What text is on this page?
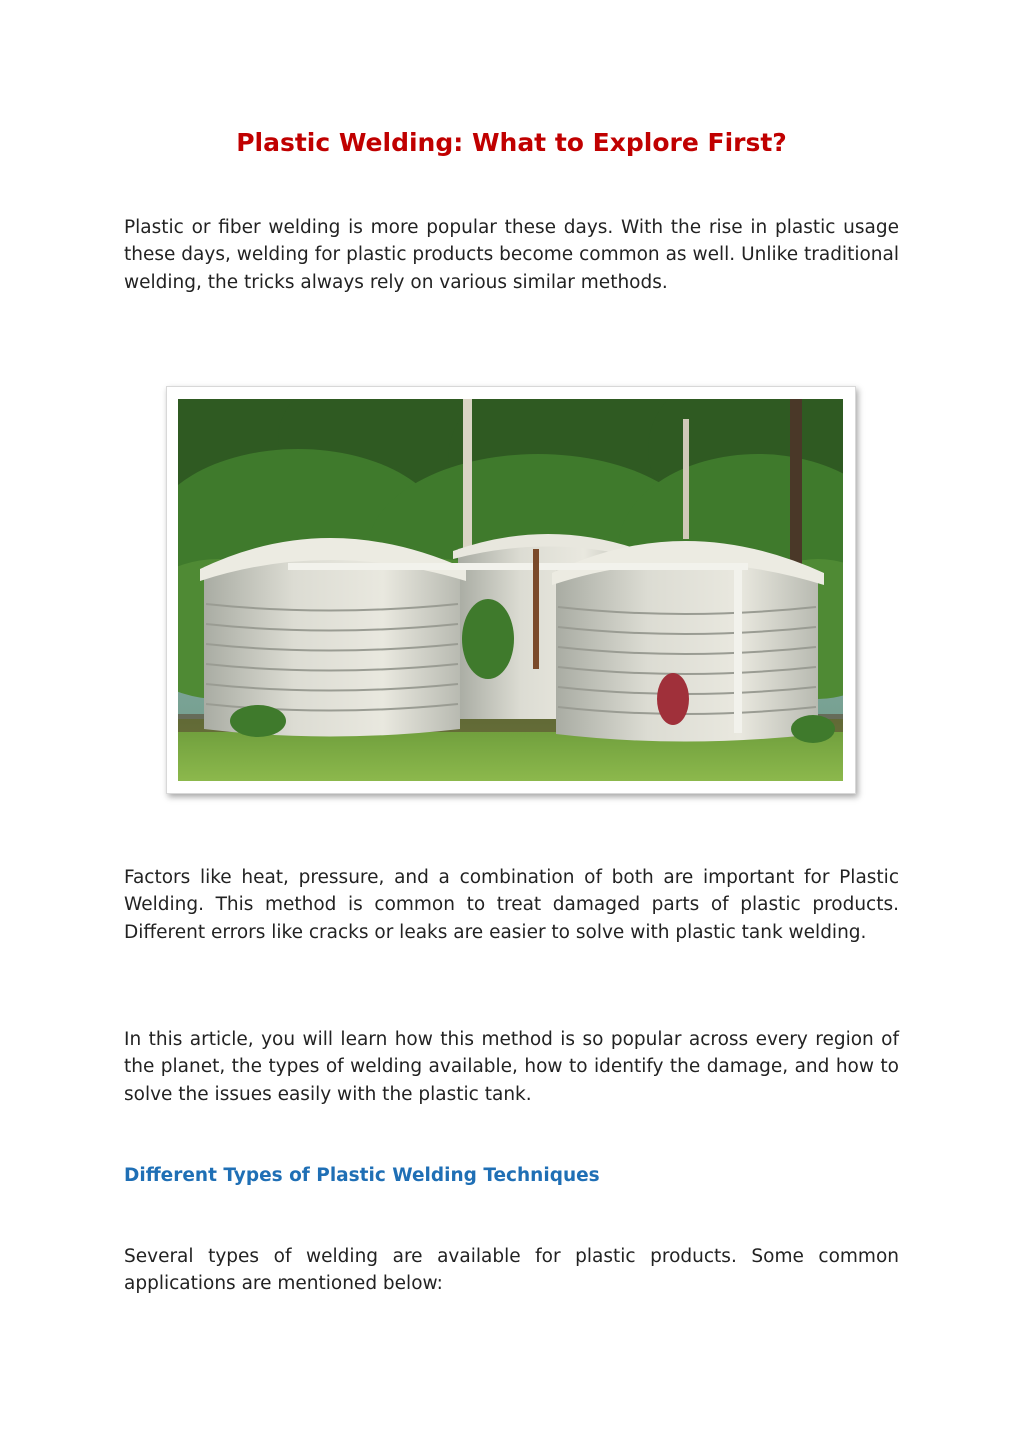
Plastic Welding: What to Explore First?

Plastic or fiber welding is more popular these days. With the rise in plastic usage these days, welding for plastic products become common as well. Unlike traditional welding, the tricks always rely on various similar methods.

Factors like heat, pressure, and a combination of both are important for Plastic Welding. This method is common to treat damaged parts of plastic products. Different errors like cracks or leaks are easier to solve with plastic tank welding.

In this article, you will learn how this method is so popular across every region of the planet, the types of welding available, how to identify the damage, and how to solve the issues easily with the plastic tank.

Different Types of Plastic Welding Techniques

Several types of welding are available for plastic products. Some common applications are mentioned below:
